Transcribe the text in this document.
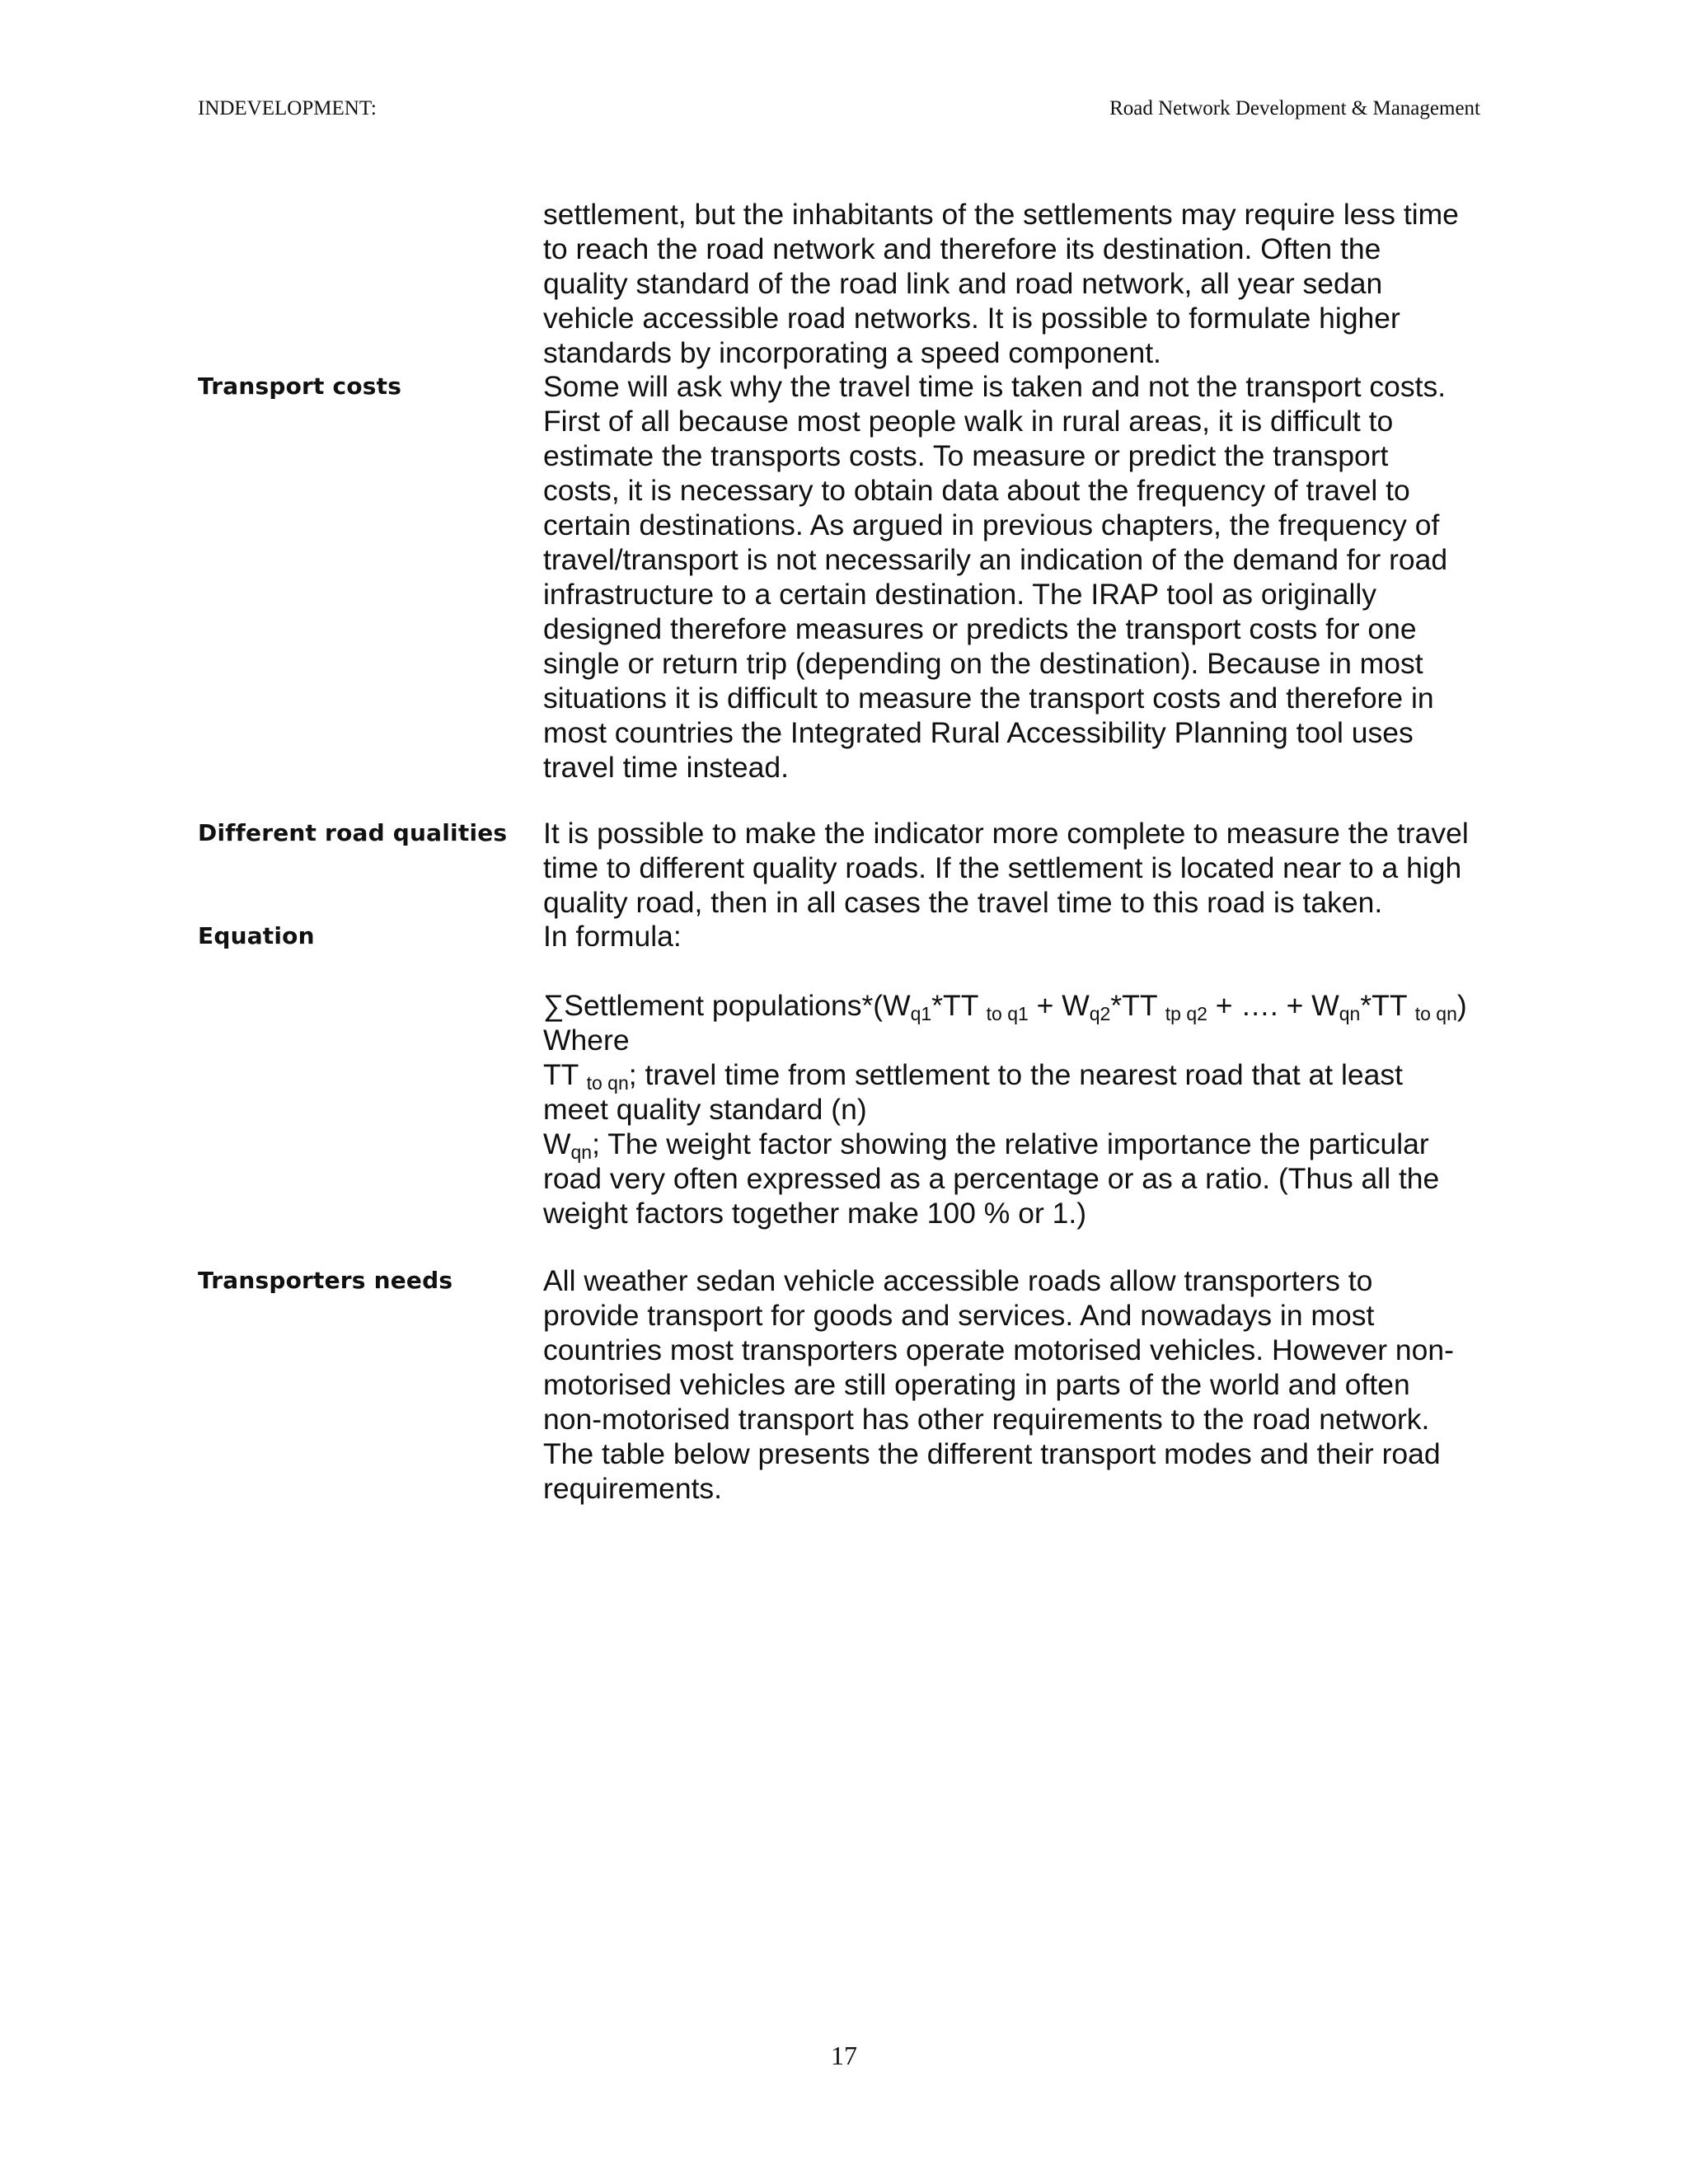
INDEVELOPMENT:	Road Network Development & Management
Transport costs
Different road qualities
Equation
Transporters needs
settlement, but the inhabitants of the settlements may require less time
to reach the road network and therefore its destination. Often the
quality standard of the road link and road network, all year sedan
vehicle accessible road networks. It is possible to formulate higher
standards by incorporating a speed component.
Some will ask why the travel time is taken and not the transport costs.
First of all because most people walk in rural areas, it is difficult to
estimate the transports costs. To measure or predict the transport
costs, it is necessary to obtain data about the frequency of travel to
certain destinations. As argued in previous chapters, the frequency of
travel/transport is not necessarily an indication of the demand for road
infrastructure to a certain destination. The IRAP tool as originally
designed therefore measures or predicts the transport costs for one
single or return trip (depending on the destination). Because in most
situations it is difficult to measure the transport costs and therefore in
most countries the Integrated Rural Accessibility Planning tool uses
travel time instead.
It is possible to make the indicator more complete to measure the travel
time to different quality roads. If the settlement is located near to a high
quality road, then in all cases the travel time to this road is taken.
In formula:
∑Settlement $populations*(W_{q1}*TT$ $_{to q1} + W_{q2}*TT$ $_{tp q2}$ + …. + $W_{qn}*TT$ $_{to qn}$)
Where
TT $_{to qn}$; travel time from settlement to the nearest road that at least
meet quality standard (n)
$W_{qn}$; The weight factor showing the relative importance the particular
road very often expressed as a percentage or as a ratio. (Thus all the
weight factors together make 100 % or 1.)
All weather sedan vehicle accessible roads allow transporters to
provide transport for goods and services. And nowadays in most
countries most transporters operate motorised vehicles. However non-
motorised vehicles are still operating in parts of the world and often
non-motorised transport has other requirements to the road network.
The table below presents the different transport modes and their road
requirements.
17
